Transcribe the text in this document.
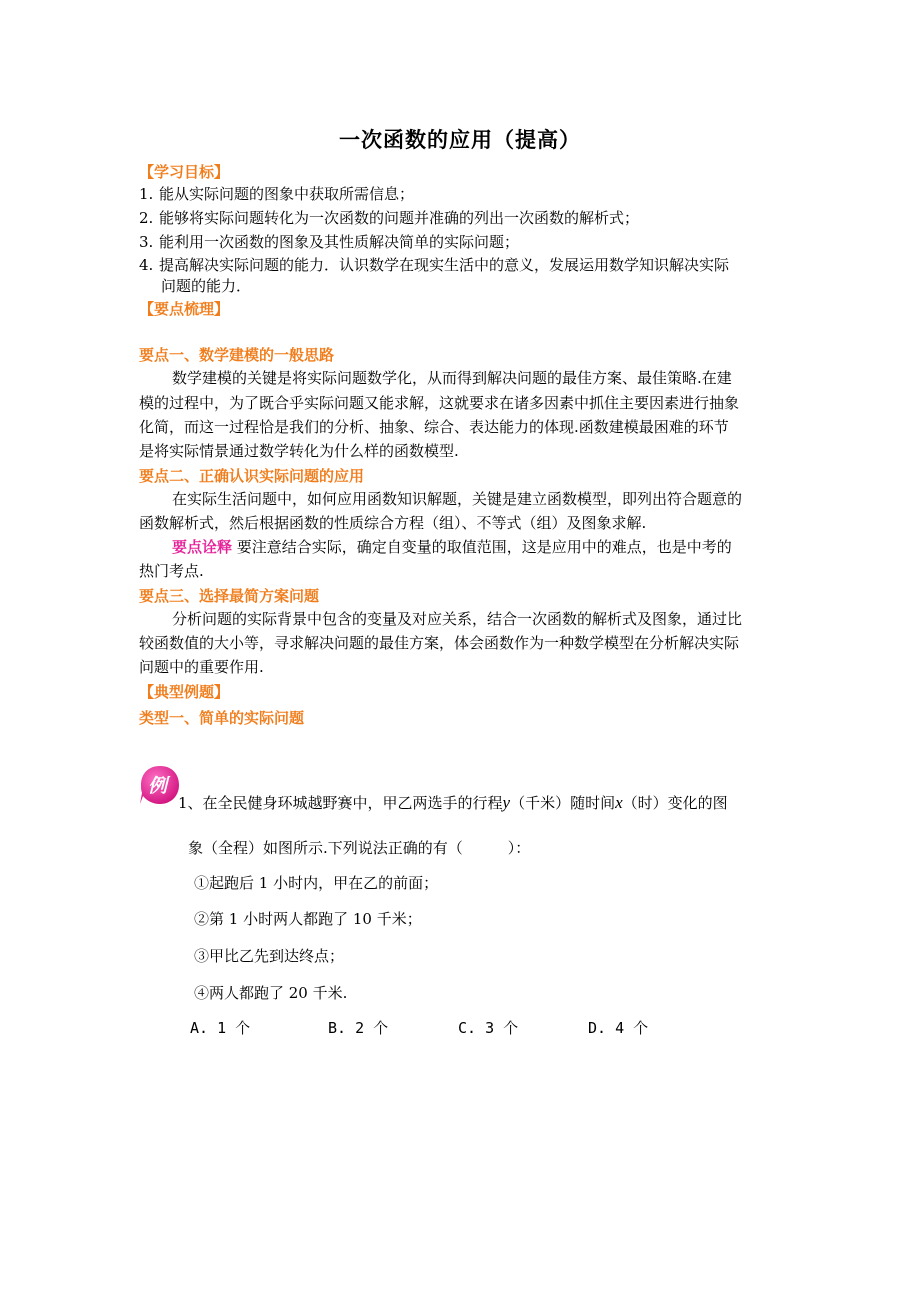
一次函数的应用（提高）
【学习目标】
1. 能从实际问题的图象中获取所需信息；
2. 能够将实际问题转化为一次函数的问题并准确的列出一次函数的解析式；
3. 能利用一次函数的图象及其性质解决简单的实际问题；
4. 提高解决实际问题的能力．认识数学在现实生活中的意义，发展运用数学知识解决实际
问题的能力．
【要点梳理】
要点一、数学建模的一般思路
数学建模的关键是将实际问题数学化，从而得到解决问题的最佳方案、最佳策略.在建
模的过程中，为了既合乎实际问题又能求解，这就要求在诸多因素中抓住主要因素进行抽象
化简，而这一过程恰是我们的分析、抽象、综合、表达能力的体现.函数建模最困难的环节
是将实际情景通过数学转化为什么样的函数模型.
要点二、正确认识实际问题的应用
在实际生活问题中，如何应用函数知识解题，关键是建立函数模型，即列出符合题意的
函数解析式，然后根据函数的性质综合方程（组）、不等式（组）及图象求解.
要点诠释 要注意结合实际，确定自变量的取值范围，这是应用中的难点，也是中考的
热门考点.
要点三、选择最简方案问题
分析问题的实际背景中包含的变量及对应关系，结合一次函数的解析式及图象，通过比
较函数值的大小等，寻求解决问题的最佳方案，体会函数作为一种数学模型在分析解决实际
问题中的重要作用.
【典型例题】
类型一、简单的实际问题
例
1、在全民健身环城越野赛中，甲乙两选手的行程y（千米）随时间x（时）变化的图
象（全程）如图所示.下列说法正确的有（　　　）：
①起跑后 1 小时内，甲在乙的前面；
②第 1 小时两人都跑了 10 千米；
③甲比乙先到达终点；
④两人都跑了 20 千米.
A. 1 个	B. 2 个	C. 3 个	D. 4 个
